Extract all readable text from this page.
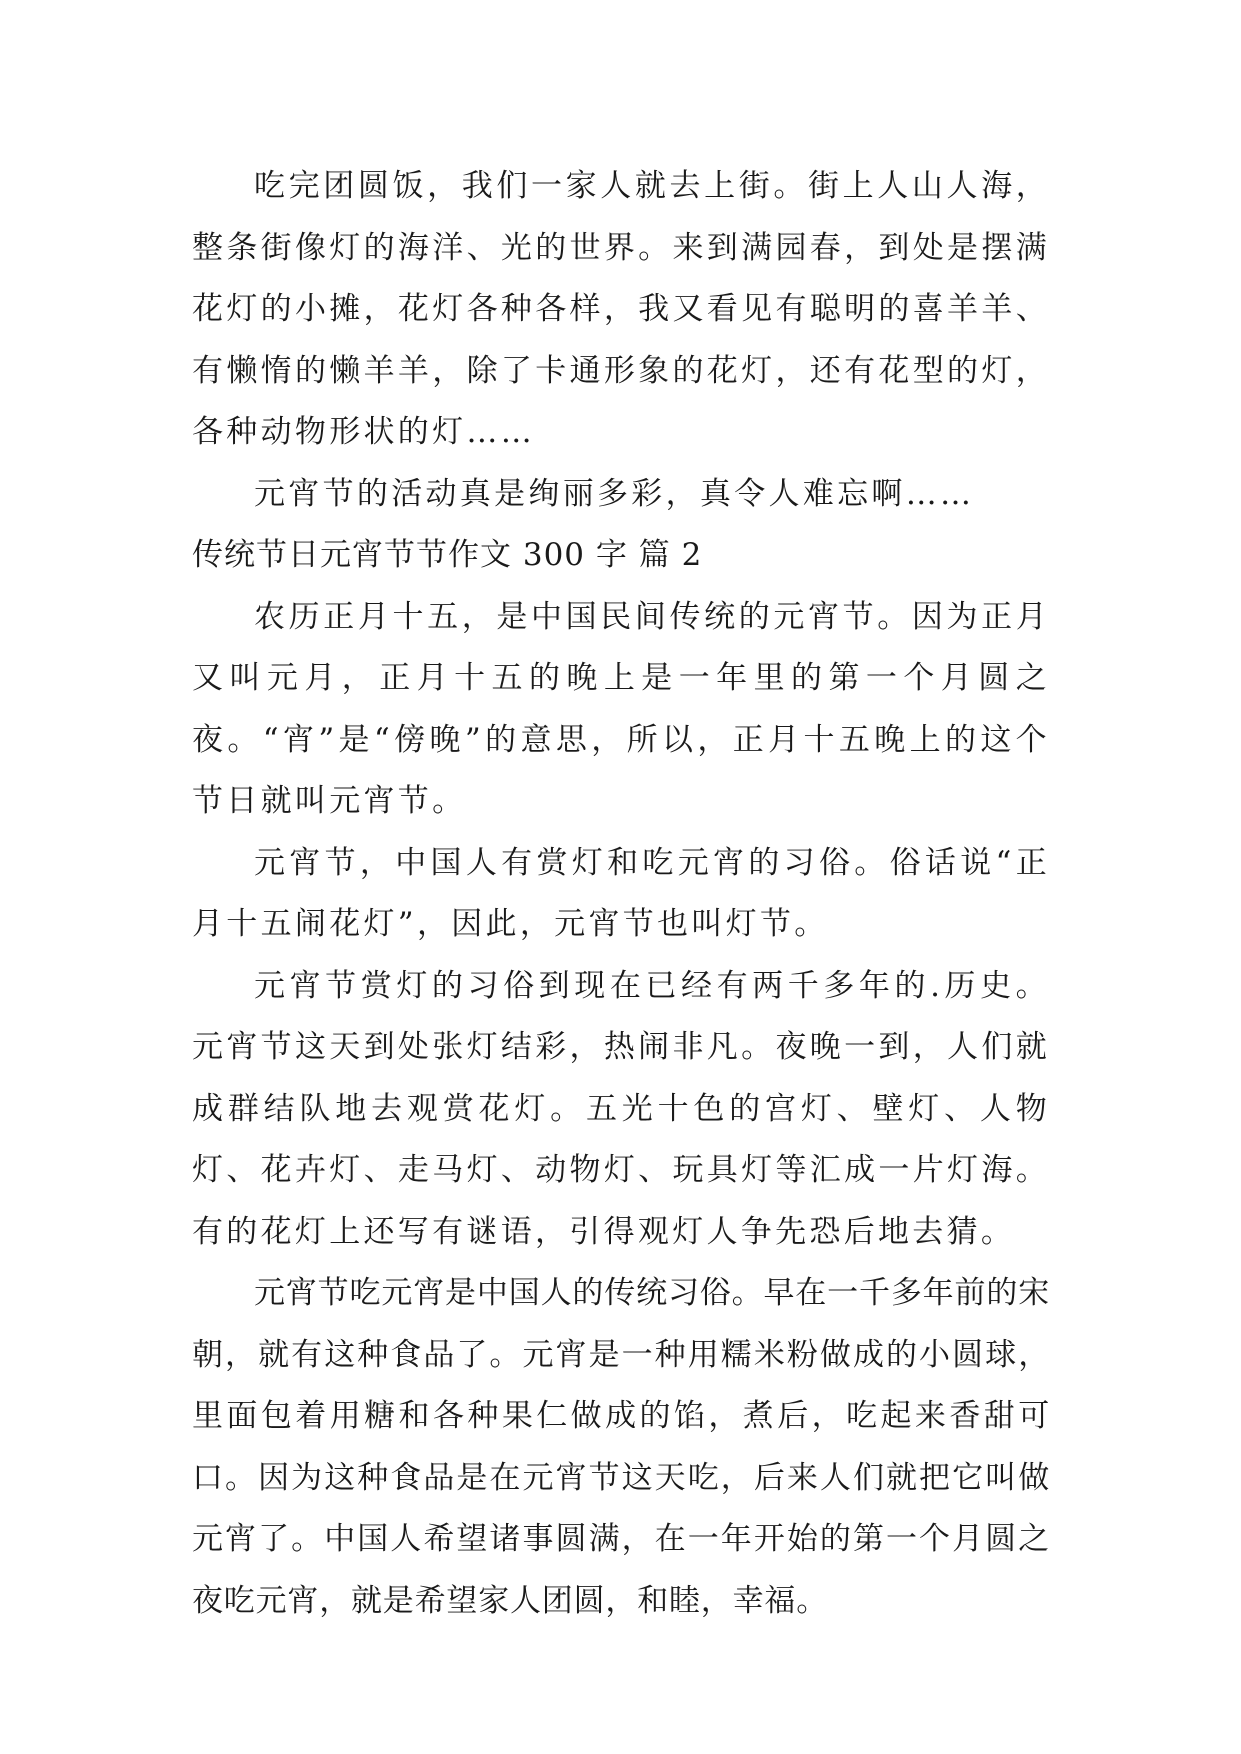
吃完团圆饭，我们一家人就去上街。街上人山人海，整条街像灯的海洋、光的世界。来到满园春，到处是摆满花灯的小摊，花灯各种各样，我又看见有聪明的喜羊羊、有懒惰的懒羊羊，除了卡通形象的花灯，还有花型的灯，各种动物形状的灯……

元宵节的活动真是绚丽多彩，真令人难忘啊……

传统节日元宵节节作文 300 字 篇 2

农历正月十五，是中国民间传统的元宵节。因为正月又叫元月，正月十五的晚上是一年里的第一个月圆之夜。“宵”是“傍晚”的意思，所以，正月十五晚上的这个节日就叫元宵节。

元宵节，中国人有赏灯和吃元宵的习俗。俗话说“正月十五闹花灯”，因此，元宵节也叫灯节。

元宵节赏灯的习俗到现在已经有两千多年的.历史。元宵节这天到处张灯结彩，热闹非凡。夜晚一到，人们就成群结队地去观赏花灯。五光十色的宫灯、壁灯、人物灯、花卉灯、走马灯、动物灯、玩具灯等汇成一片灯海。有的花灯上还写有谜语，引得观灯人争先恐后地去猜。

元宵节吃元宵是中国人的传统习俗。早在一千多年前的宋朝，就有这种食品了。元宵是一种用糯米粉做成的小圆球，里面包着用糖和各种果仁做成的馅，煮后，吃起来香甜可口。因为这种食品是在元宵节这天吃，后来人们就把它叫做元宵了。中国人希望诸事圆满，在一年开始的第一个月圆之夜吃元宵，就是希望家人团圆，和睦，幸福。
